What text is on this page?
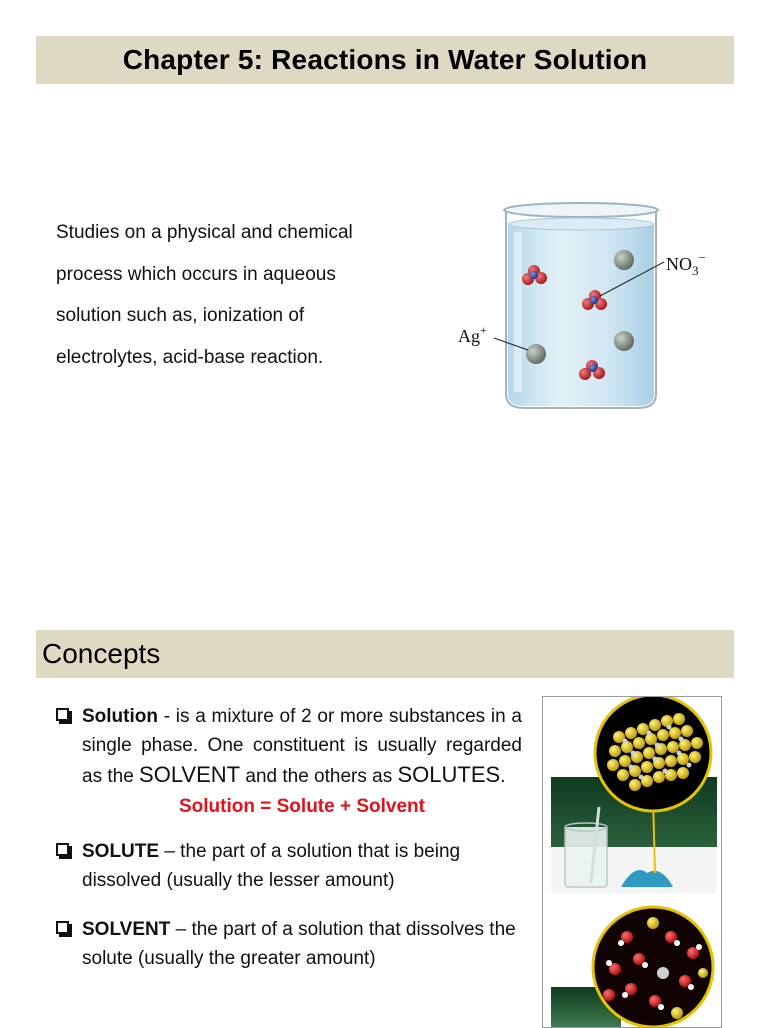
Chapter 5: Reactions in Water Solution
Studies on a physical and chemical
process which occurs in aqueous
solution such as, ionization of
electrolytes, acid-base reaction.
$NO_3^-$
Ag+
Concepts
Solution - is a mixture of 2 or more substances in a single phase. One constituent is usually regarded as the SOLVENT and the others as SOLUTES.
Solution = Solute + Solvent
SOLUTE – the part of a solution that is being dissolved (usually the lesser amount)
SOLVENT – the part of a solution that dissolves the solute (usually the greater amount)
